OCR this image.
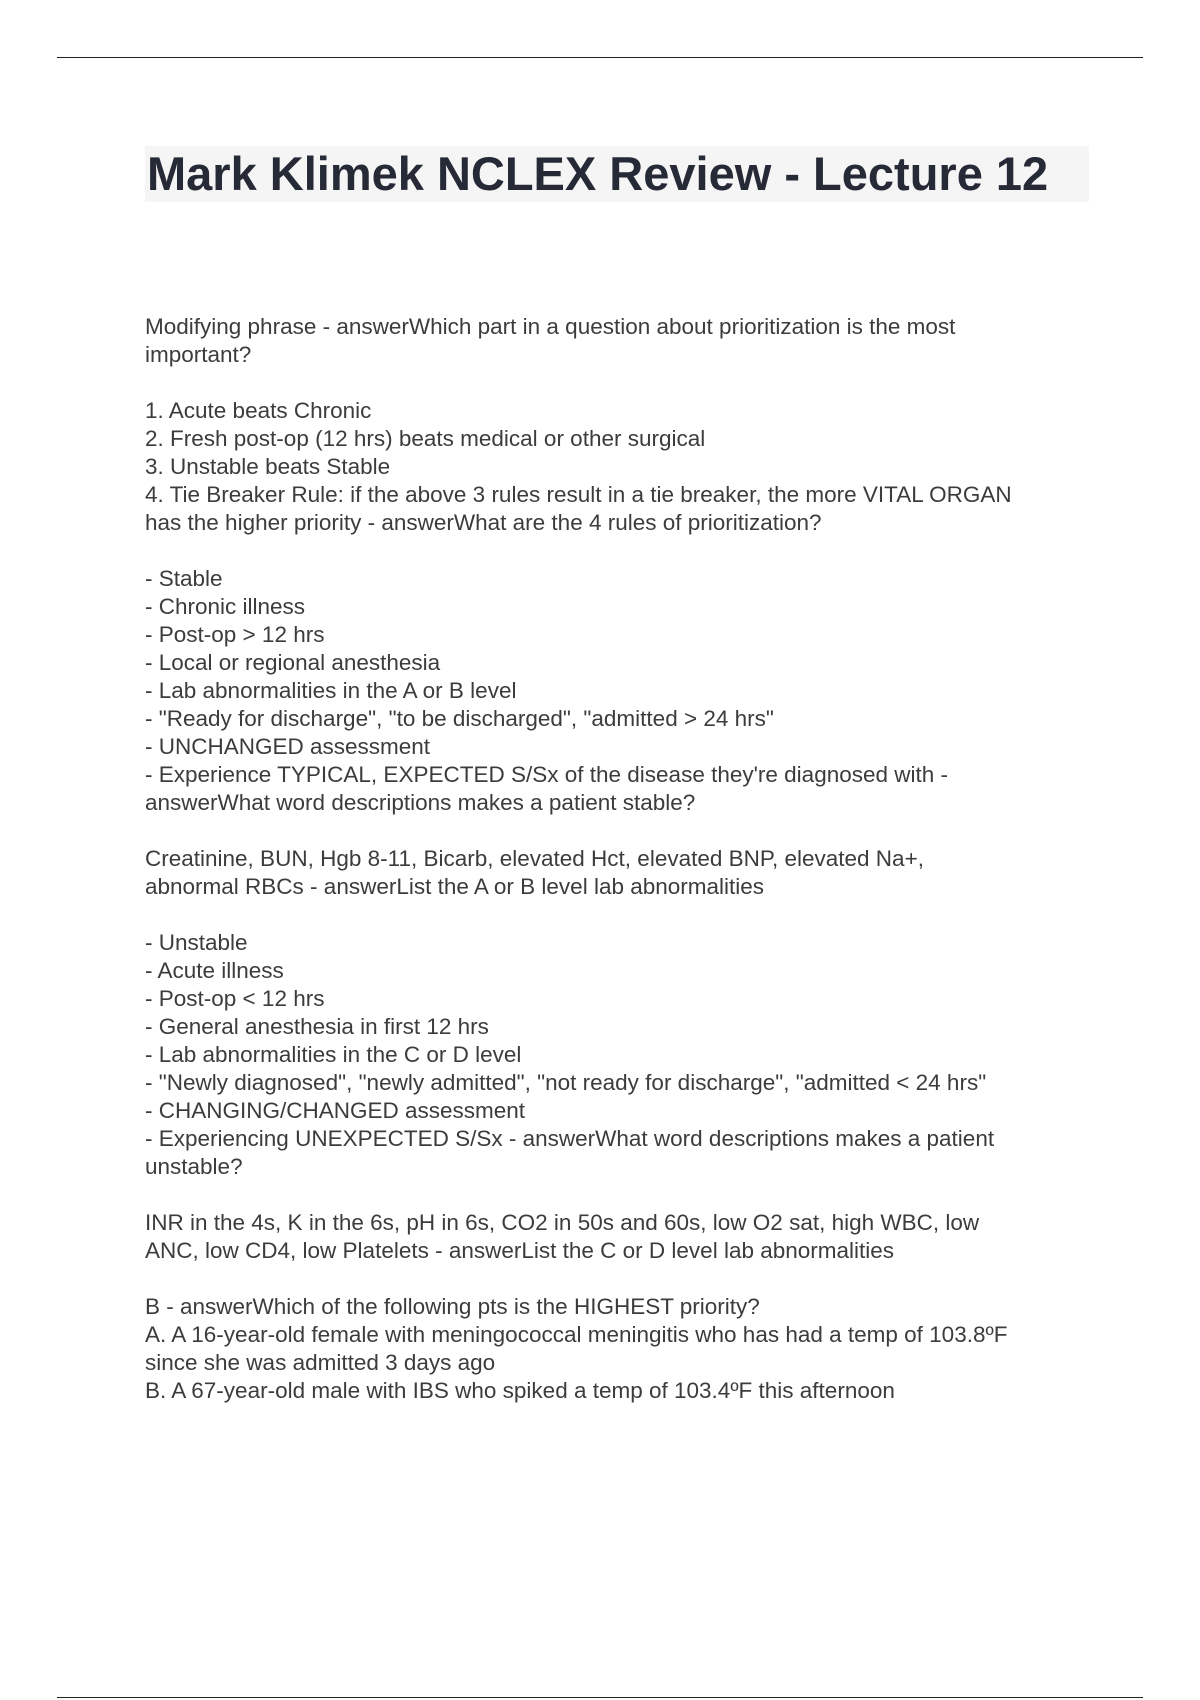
Mark Klimek NCLEX Review - Lecture 12
Modifying phrase - answerWhich part in a question about prioritization is the most
important?
1. Acute beats Chronic
2. Fresh post-op (12 hrs) beats medical or other surgical
3. Unstable beats Stable
4. Tie Breaker Rule: if the above 3 rules result in a tie breaker, the more VITAL ORGAN
has the higher priority - answerWhat are the 4 rules of prioritization?
- Stable
- Chronic illness
- Post-op > 12 hrs
- Local or regional anesthesia
- Lab abnormalities in the A or B level
- "Ready for discharge", "to be discharged", "admitted > 24 hrs"
- UNCHANGED assessment
- Experience TYPICAL, EXPECTED S/Sx of the disease they're diagnosed with -
answerWhat word descriptions makes a patient stable?
Creatinine, BUN, Hgb 8-11, Bicarb, elevated Hct, elevated BNP, elevated Na+,
abnormal RBCs - answerList the A or B level lab abnormalities
- Unstable
- Acute illness
- Post-op < 12 hrs
- General anesthesia in first 12 hrs
- Lab abnormalities in the C or D level
- "Newly diagnosed", "newly admitted", "not ready for discharge", "admitted < 24 hrs"
- CHANGING/CHANGED assessment
- Experiencing UNEXPECTED S/Sx - answerWhat word descriptions makes a patient
unstable?
INR in the 4s, K in the 6s, pH in 6s, CO2 in 50s and 60s, low O2 sat, high WBC, low
ANC, low CD4, low Platelets - answerList the C or D level lab abnormalities
B - answerWhich of the following pts is the HIGHEST priority?
A. A 16-year-old female with meningococcal meningitis who has had a temp of 103.8ºF
since she was admitted 3 days ago
B. A 67-year-old male with IBS who spiked a temp of 103.4ºF this afternoon
